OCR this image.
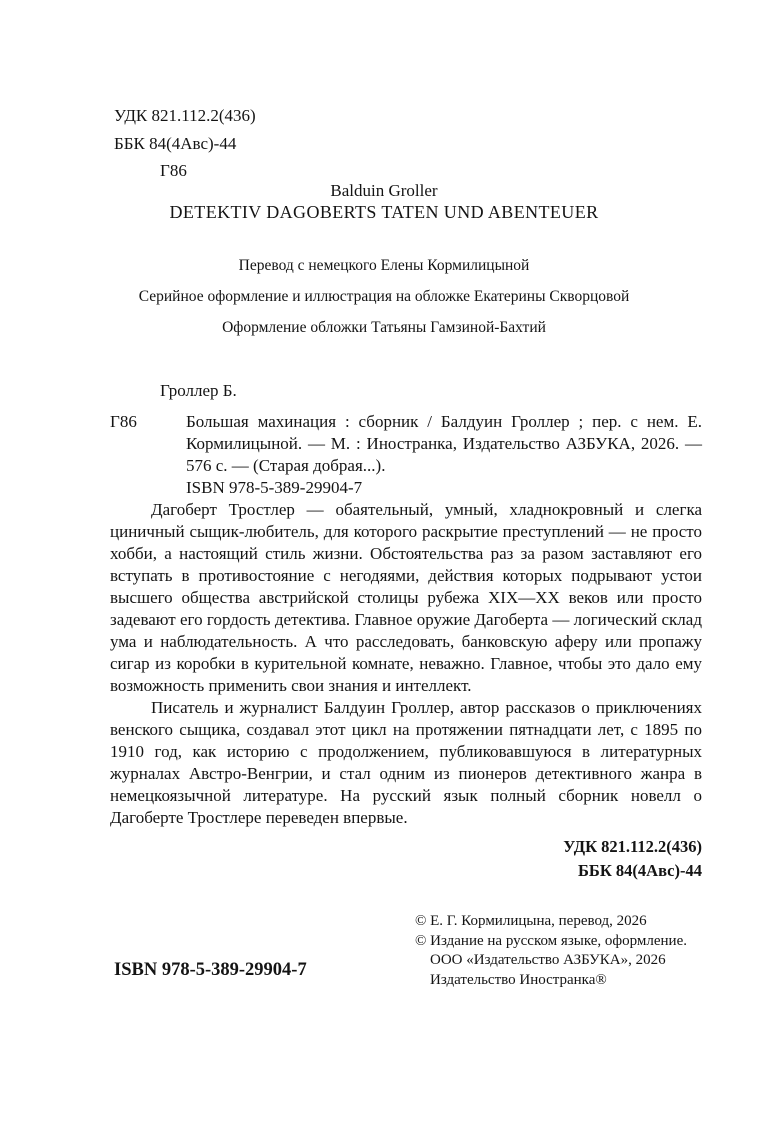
УДК 821.112.2(436)
ББК 84(4Авс)-44
Г86
Balduin Groller
DETEKTIV DAGOBERTS TATEN UND ABENTEUER
Перевод с немецкого Елены Кормилицыной
Серийное оформление и иллюстрация на обложке Екатерины Скворцовой
Оформление обложки Татьяны Гамзиной-Бахтий
Гроллер Б.
Г86	Большая махинация : сборник / Балдуин Гроллер ; пер. с нем. Е. Кормилицыной. — М. : Иностранка, Издательство АЗБУКА, 2026. — 576 с. — (Старая добрая...).

ISBN 978-5-389-29904-7

Дагоберт Тростлер — обаятельный, умный, хладнокровный и слегка циничный сыщик-любитель, для которого раскрытие преступлений — не просто хобби, а настоящий стиль жизни. Обстоятельства раз за разом заставляют его вступать в противостояние с негодяями, действия которых подрывают устои высшего общества австрийской столицы рубежа XIX—XX веков или просто задевают его гордость детектива. Главное оружие Дагоберта — логический склад ума и наблюдательность. А что расследовать, банковскую аферу или пропажу сигар из коробки в курительной комнате, неважно. Главное, чтобы это дало ему возможность применить свои знания и интеллект.

Писатель и журналист Балдуин Гроллер, автор рассказов о приключениях венского сыщика, создавал этот цикл на протяжении пятнадцати лет, с 1895 по 1910 год, как историю с продолжением, публиковавшуюся в литературных журналах Австро-Венгрии, и стал одним из пионеров детективного жанра в немецкоязычной литературе. На русский язык полный сборник новелл о Дагоберте Тростлере переведен впервые.

УДК 821.112.2(436)
ББК 84(4Авс)-44
© Е. Г. Кормилицына, перевод, 2026
© Издание на русском языке, оформление.
ООО «Издательство АЗБУКА», 2026
Издательство Иностранка®
ISBN 978-5-389-29904-7
